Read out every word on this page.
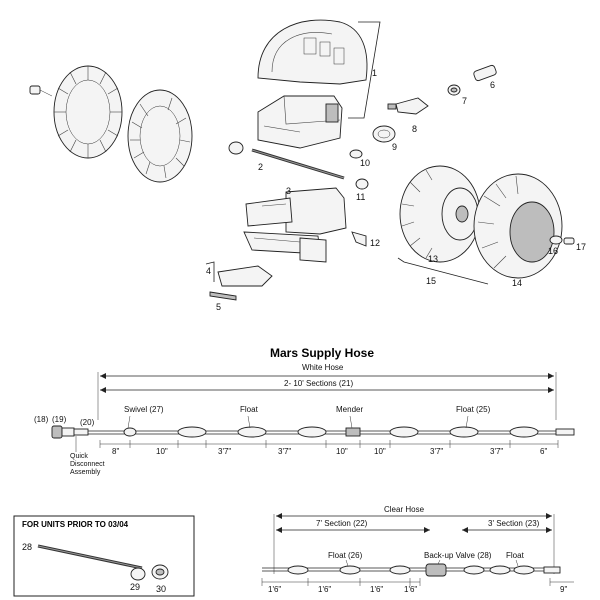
1
2
3
4
5
6
7
8
9
10
11
12
13
14
15
16 17
Mars Supply Hose
White Hose
2- 10' Sections (21)
(18) (19) (20)
Swivel (27)	Float	Mender	Float (25)
Quick
Disconnect
Assembly
8"	10"	3'7"	3'7"	10"	10"	3'7"	3'7"	6"
FOR UNITS PRIOR TO 03/04
28
29 30
Clear Hose
7' Section (22)	3' Section (23)
Float (26)	Back-up Valve (28) Float
1'6"	1'6"	1'6"	1'6"	9"
